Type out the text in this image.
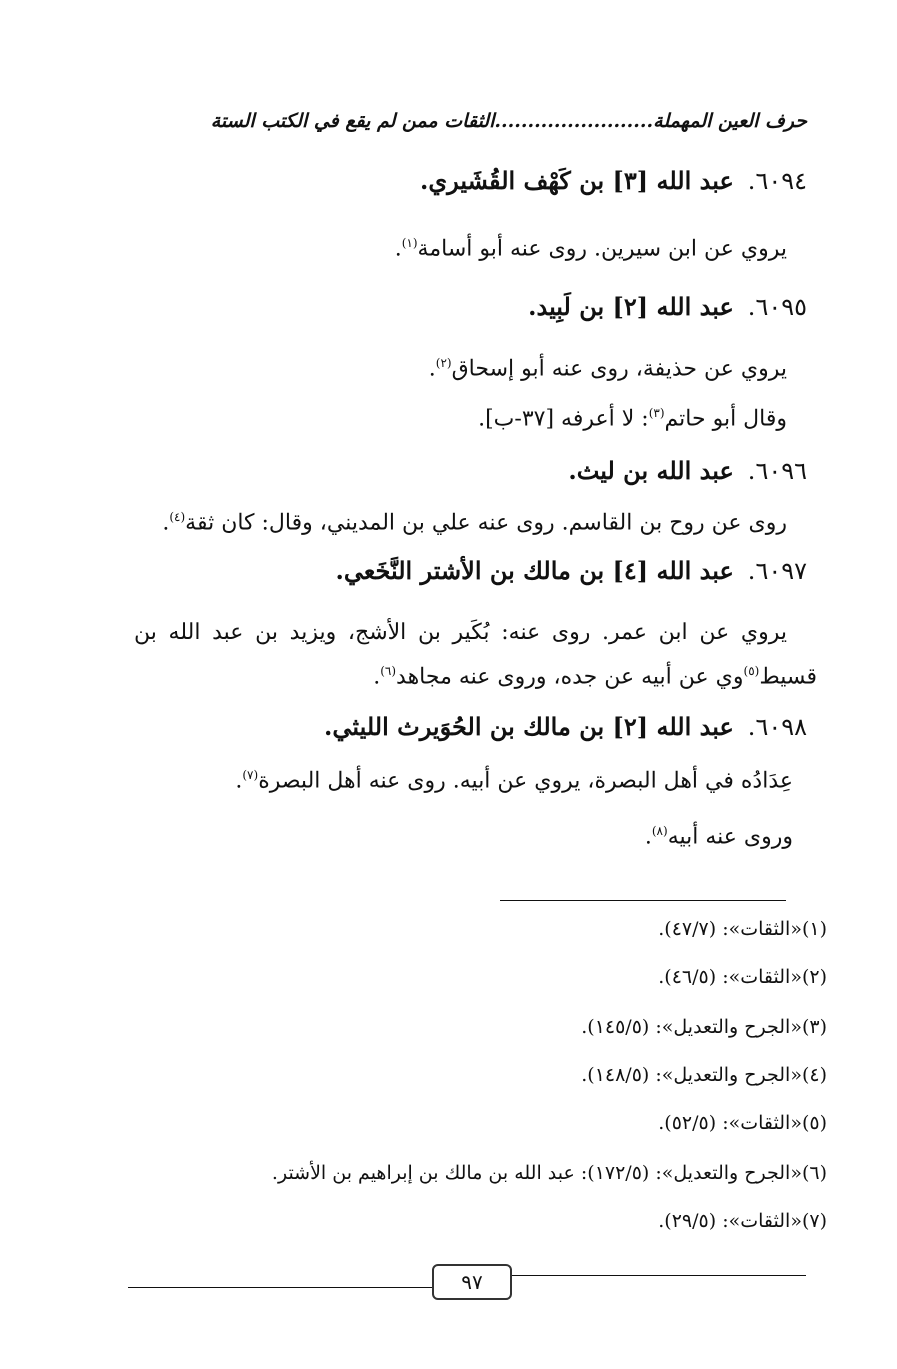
حرف العين المهملة........................الثقات ممن لم يقع في الكتب الستة
٦٠٩٤.عبد الله [٣] بن كَهْف القُشَيري.
يروي عن ابن سيرين. روى عنه أبو أسامة$^{(١)}$.
٦٠٩٥.عبد الله [٢] بن لَبِيد.
يروي عن حذيفة، روى عنه أبو إسحاق$^{(٢)}$.
وقال أبو حاتم$^{(٣)}$: لا أعرفه [٣٧-ب].
٦٠٩٦.عبد الله بن ليث.
روى عن روح بن القاسم. روى عنه علي بن المديني، وقال: كان ثقة$^{(٤)}$.
٦٠٩٧.عبد الله [٤] بن مالك بن الأشتر النَّخَعي.
يروي عن ابن عمر. روى عنه: بُكَير بن الأشج، ويزيد بن عبد الله بن
قسيط$^{(٥)}$وي عن أبيه عن جده، وروى عنه مجاهد$^{(٦)}$.
٦٠٩٨.عبد الله [٢] بن مالك بن الحُوَيرث الليثي.
عِدَادُه في أهل البصرة، يروي عن أبيه. روى عنه أهل البصرة$^{(٧)}$.
وروى عنه أبيه$^{(٨)}$.
(١)«الثقات»: (٤٧/٧).
(٢)«الثقات»: (٤٦/٥).
(٣)«الجرح والتعديل»: (١٤٥/٥).
(٤)«الجرح والتعديل»: (١٤٨/٥).
(٥)«الثقات»: (٥٢/٥).
(٦)«الجرح والتعديل»: (١٧٢/٥): عبد الله بن مالك بن إبراهيم بن الأشتر.
(٧)«الثقات»: (٢٩/٥).
٩٧
